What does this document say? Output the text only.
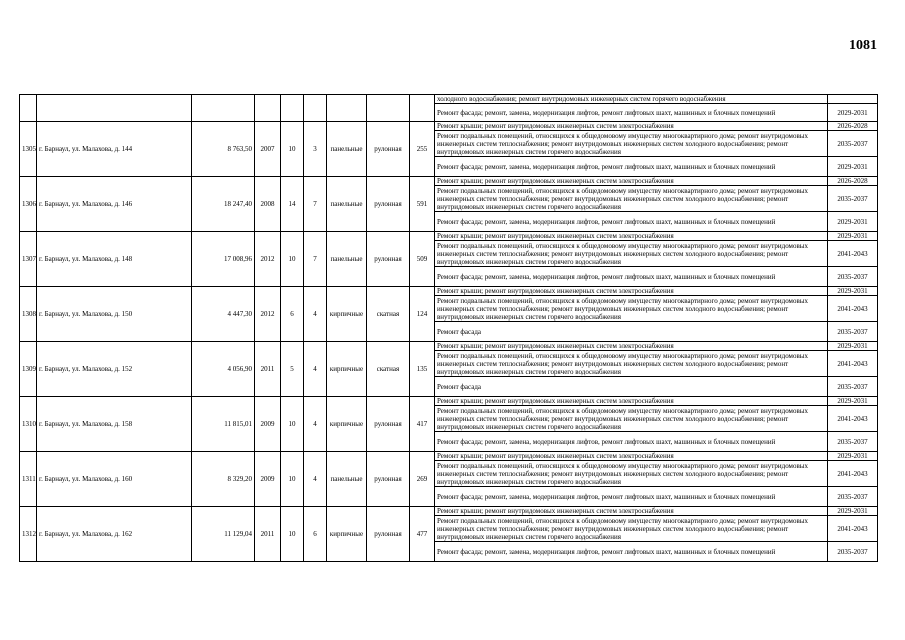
1081
									холодного водоснабжения; ремонт внутридомовых инженерных систем горячего водоснабжения	
									Ремонт фасада; ремонт, замена, модернизация лифтов, ремонт лифтовых шахт, машинных и блочных помещений	2029-2031
1305	г. Барнаул, ул. Малахова, д. 144	8 763,50	2007	10	3	панельные	рулонная	255	Ремонт крыши; ремонт внутридомовых инженерных систем электроснабжения	2026-2028
									Ремонт подвальных помещений, относящихся к общедомовому имуществу многоквартирного дома; ремонт внутридомовых инженерных систем теплоснабжения; ремонт внутридомовых инженерных систем холодного водоснабжения; ремонт внутридомовых инженерных систем горячего водоснабжения	2035-2037
									Ремонт фасада; ремонт, замена, модернизация лифтов, ремонт лифтовых шахт, машинных и блочных помещений	2029-2031
1306	г. Барнаул, ул. Малахова, д. 146	18 247,40	2008	14	7	панельные	рулонная	591	Ремонт крыши; ремонт внутридомовых инженерных систем электроснабжения	2026-2028
									Ремонт подвальных помещений, относящихся к общедомовому имуществу многоквартирного дома; ремонт внутридомовых инженерных систем теплоснабжения; ремонт внутридомовых инженерных систем холодного водоснабжения; ремонт внутридомовых инженерных систем горячего водоснабжения	2035-2037
									Ремонт фасада; ремонт, замена, модернизация лифтов, ремонт лифтовых шахт, машинных и блочных помещений	2029-2031
1307	г. Барнаул, ул. Малахова, д. 148	17 008,96	2012	10	7	панельные	рулонная	509	Ремонт крыши; ремонт внутридомовых инженерных систем электроснабжения	2029-2031
									Ремонт подвальных помещений, относящихся к общедомовому имуществу многоквартирного дома; ремонт внутридомовых инженерных систем теплоснабжения; ремонт внутридомовых инженерных систем холодного водоснабжения; ремонт внутридомовых инженерных систем горячего водоснабжения	2041-2043
									Ремонт фасада; ремонт, замена, модернизация лифтов, ремонт лифтовых шахт, машинных и блочных помещений	2035-2037
1308	г. Барнаул, ул. Малахова, д. 150	4 447,30	2012	6	4	кирпичные	скатная	124	Ремонт крыши; ремонт внутридомовых инженерных систем электроснабжения	2029-2031
									Ремонт подвальных помещений, относящихся к общедомовому имуществу многоквартирного дома; ремонт внутридомовых инженерных систем теплоснабжения; ремонт внутридомовых инженерных систем холодного водоснабжения; ремонт внутридомовых инженерных систем горячего водоснабжения	2041-2043
									Ремонт фасада	2035-2037
1309	г. Барнаул, ул. Малахова, д. 152	4 056,90	2011	5	4	кирпичные	скатная	135	Ремонт крыши; ремонт внутридомовых инженерных систем электроснабжения	2029-2031
									Ремонт подвальных помещений, относящихся к общедомовому имуществу многоквартирного дома; ремонт внутридомовых инженерных систем теплоснабжения; ремонт внутридомовых инженерных систем холодного водоснабжения; ремонт внутридомовых инженерных систем горячего водоснабжения	2041-2043
									Ремонт фасада	2035-2037
1310	г. Барнаул, ул. Малахова, д. 158	11 815,01	2009	10	4	кирпичные	рулонная	417	Ремонт крыши; ремонт внутридомовых инженерных систем электроснабжения	2029-2031
									Ремонт подвальных помещений, относящихся к общедомовому имуществу многоквартирного дома; ремонт внутридомовых инженерных систем теплоснабжения; ремонт внутридомовых инженерных систем холодного водоснабжения; ремонт внутридомовых инженерных систем горячего водоснабжения	2041-2043
									Ремонт фасада; ремонт, замена, модернизация лифтов, ремонт лифтовых шахт, машинных и блочных помещений	2035-2037
1311	г. Барнаул, ул. Малахова, д. 160	8 329,20	2009	10	4	панельные	рулонная	269	Ремонт крыши; ремонт внутридомовых инженерных систем электроснабжения	2029-2031
									Ремонт подвальных помещений, относящихся к общедомовому имуществу многоквартирного дома; ремонт внутридомовых инженерных систем теплоснабжения; ремонт внутридомовых инженерных систем холодного водоснабжения; ремонт внутридомовых инженерных систем горячего водоснабжения	2041-2043
									Ремонт фасада; ремонт, замена, модернизация лифтов, ремонт лифтовых шахт, машинных и блочных помещений	2035-2037
1312	г. Барнаул, ул. Малахова, д. 162	11 129,04	2011	10	6	кирпичные	рулонная	477	Ремонт крыши; ремонт внутридомовых инженерных систем электроснабжения	2029-2031
									Ремонт подвальных помещений, относящихся к общедомовому имуществу многоквартирного дома; ремонт внутридомовых инженерных систем теплоснабжения; ремонт внутридомовых инженерных систем холодного водоснабжения; ремонт внутридомовых инженерных систем горячего водоснабжения	2041-2043
									Ремонт фасада; ремонт, замена, модернизация лифтов, ремонт лифтовых шахт, машинных и блочных помещений	2035-2037
